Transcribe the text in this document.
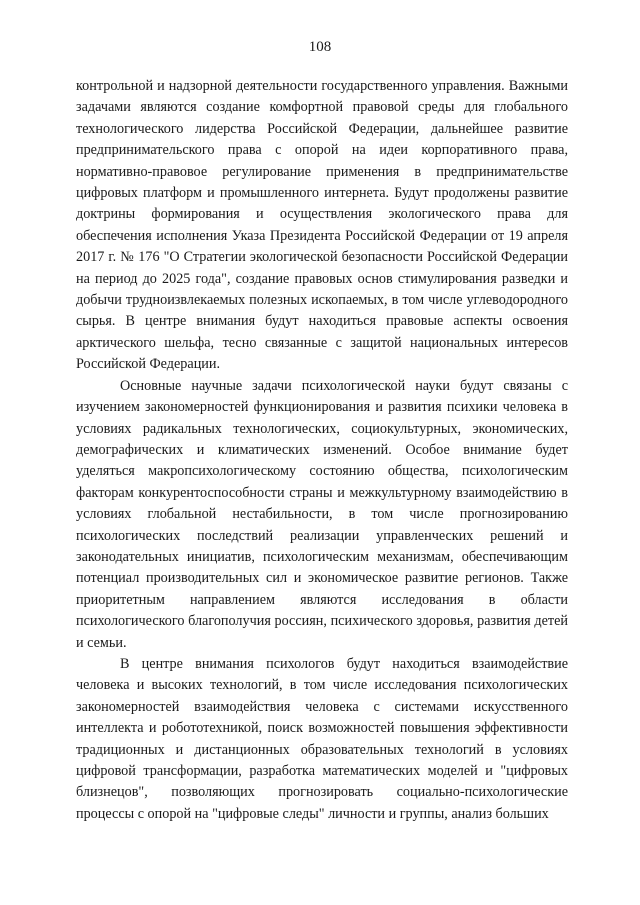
108

контрольной и надзорной деятельности государственного управления. Важными задачами являются создание комфортной правовой среды для глобального технологического лидерства Российской Федерации, дальнейшее развитие предпринимательского права с опорой на идеи корпоративного права, нормативно-правовое регулирование применения в предпринимательстве цифровых платформ и промышленного интернета. Будут продолжены развитие доктрины формирования и осуществления экологического права для обеспечения исполнения Указа Президента Российской Федерации от 19 апреля 2017 г. № 176 "О Стратегии экологической безопасности Российской Федерации на период до 2025 года", создание правовых основ стимулирования разведки и добычи трудноизвлекаемых полезных ископаемых, в том числе углеводородного сырья. В центре внимания будут находиться правовые аспекты освоения арктического шельфа, тесно связанные с защитой национальных интересов Российской Федерации.

Основные научные задачи психологической науки будут связаны с изучением закономерностей функционирования и развития психики человека в условиях радикальных технологических, социокультурных, экономических, демографических и климатических изменений. Особое внимание будет уделяться макропсихологическому состоянию общества, психологическим факторам конкурентоспособности страны и межкультурному взаимодействию в условиях глобальной нестабильности, в том числе прогнозированию психологических последствий реализации управленческих решений и законодательных инициатив, психологическим механизмам, обеспечивающим потенциал производительных сил и экономическое развитие регионов. Также приоритетным направлением являются исследования в области психологического благополучия россиян, психического здоровья, развития детей и семьи.

В центре внимания психологов будут находиться взаимодействие человека и высоких технологий, в том числе исследования психологических закономерностей взаимодействия человека с системами искусственного интеллекта и робототехникой, поиск возможностей повышения эффективности традиционных и дистанционных образовательных технологий в условиях цифровой трансформации, разработка математических моделей и "цифровых близнецов", позволяющих прогнозировать социально-психологические процессы с опорой на "цифровые следы" личности и группы, анализ больших
